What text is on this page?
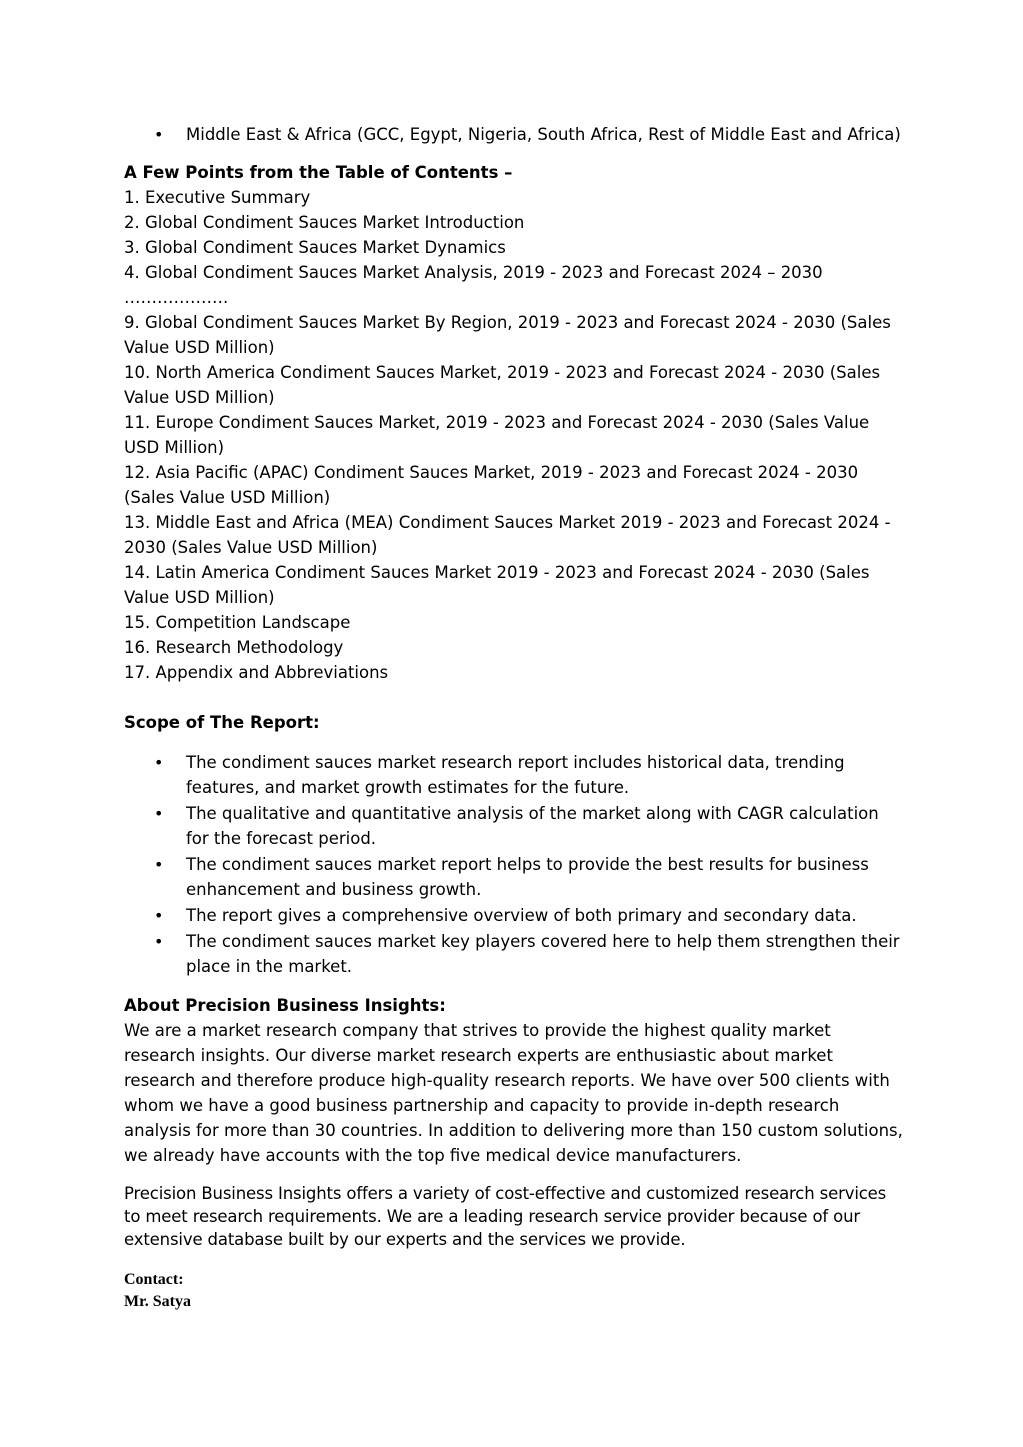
• Middle East & Africa (GCC, Egypt, Nigeria, South Africa, Rest of Middle East and Africa)
A Few Points from the Table of Contents –
1. Executive Summary
2. Global Condiment Sauces Market Introduction
3. Global Condiment Sauces Market Dynamics
4. Global Condiment Sauces Market Analysis, 2019 - 2023 and Forecast 2024 – 2030
……………….
9. Global Condiment Sauces Market By Region, 2019 - 2023 and Forecast 2024 - 2030 (Sales Value USD Million)
10. North America Condiment Sauces Market, 2019 - 2023 and Forecast 2024 - 2030 (Sales Value USD Million)
11. Europe Condiment Sauces Market, 2019 - 2023 and Forecast 2024 - 2030 (Sales Value USD Million)
12. Asia Pacific (APAC) Condiment Sauces Market, 2019 - 2023 and Forecast 2024 - 2030 (Sales Value USD Million)
13. Middle East and Africa (MEA) Condiment Sauces Market 2019 - 2023 and Forecast 2024 - 2030 (Sales Value USD Million)
14. Latin America Condiment Sauces Market 2019 - 2023 and Forecast 2024 - 2030 (Sales Value USD Million)
15. Competition Landscape
16. Research Methodology
17. Appendix and Abbreviations
Scope of The Report:
• The condiment sauces market research report includes historical data, trending features, and market growth estimates for the future.
• The qualitative and quantitative analysis of the market along with CAGR calculation for the forecast period.
• The condiment sauces market report helps to provide the best results for business enhancement and business growth.
• The report gives a comprehensive overview of both primary and secondary data.
• The condiment sauces market key players covered here to help them strengthen their place in the market.
About Precision Business Insights:

We are a market research company that strives to provide the highest quality market research insights. Our diverse market research experts are enthusiastic about market research and therefore produce high-quality research reports. We have over 500 clients with whom we have a good business partnership and capacity to provide in-depth research analysis for more than 30 countries. In addition to delivering more than 150 custom solutions, we already have accounts with the top five medical device manufacturers.

Precision Business Insights offers a variety of cost-effective and customized research services to meet research requirements. We are a leading research service provider because of our extensive database built by our experts and the services we provide.

Contact:
Mr. Satya
